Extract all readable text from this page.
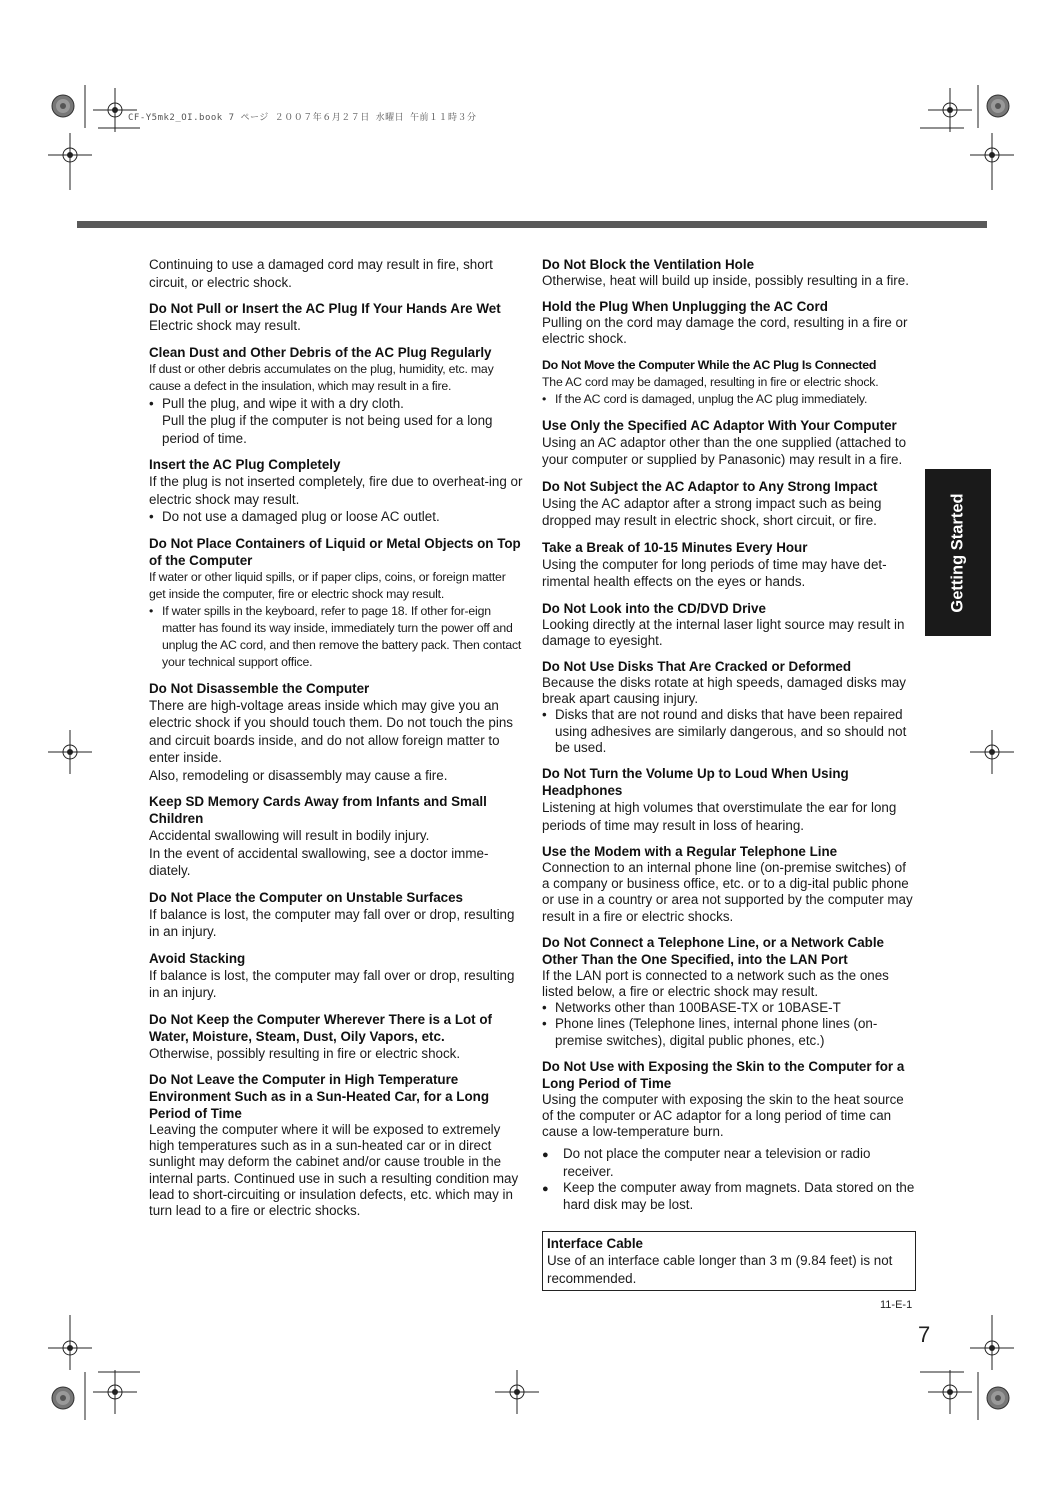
CF-Y5mk2_OI.book 7 ページ ２００７年６月２７日 水曜日 午前１１時３分
Getting Started
Continuing to use a damaged cord may result in fire, short circuit, or electric shock.
Do Not Pull or Insert the AC Plug If Your Hands Are Wet
Electric shock may result.
Clean Dust and Other Debris of the AC Plug Regularly
If dust or other debris accumulates on the plug, humidity, etc. may cause a defect in the insulation, which may result in a fire.
• Pull the plug, and wipe it with a dry cloth.
Pull the plug if the computer is not being used for a long period of time.
Insert the AC Plug Completely
If the plug is not inserted completely, fire due to overheat-ing or electric shock may result.
• Do not use a damaged plug or loose AC outlet.
Do Not Place Containers of Liquid or Metal Objects on Top of the Computer
If water or other liquid spills, or if paper clips, coins, or foreign matter get inside the computer, fire or electric shock may result.
• If water spills in the keyboard, refer to page 18. If other for-eign matter has found its way inside, immediately turn the power off and unplug the AC cord, and then remove the battery pack. Then contact your technical support office.
Do Not Disassemble the Computer
There are high-voltage areas inside which may give you an electric shock if you should touch them. Do not touch the pins and circuit boards inside, and do not allow foreign matter to enter inside.
Also, remodeling or disassembly may cause a fire.
Keep SD Memory Cards Away from Infants and Small Children
Accidental swallowing will result in bodily injury.
In the event of accidental swallowing, see a doctor imme-diately.
Do Not Place the Computer on Unstable Surfaces
If balance is lost, the computer may fall over or drop, resulting in an injury.
Avoid Stacking
If balance is lost, the computer may fall over or drop, resulting in an injury.
Do Not Keep the Computer Wherever There is a Lot of Water, Moisture, Steam, Dust, Oily Vapors, etc.
Otherwise, possibly resulting in fire or electric shock.
Do Not Leave the Computer in High Temperature Environment Such as in a Sun-Heated Car, for a Long Period of Time
Leaving the computer where it will be exposed to extremely high temperatures such as in a sun-heated car or in direct sunlight may deform the cabinet and/or cause trouble in the internal parts. Continued use in such a resulting condition may lead to short-circuiting or insulation defects, etc. which may in turn lead to a fire or electric shocks.
Do Not Block the Ventilation Hole
Otherwise, heat will build up inside, possibly resulting in a fire.
Hold the Plug When Unplugging the AC Cord
Pulling on the cord may damage the cord, resulting in a fire or electric shock.
Do Not Move the Computer While the AC Plug Is Connected
The AC cord may be damaged, resulting in fire or electric shock.
• If the AC cord is damaged, unplug the AC plug immediately.
Use Only the Specified AC Adaptor With Your Computer
Using an AC adaptor other than the one supplied (attached to your computer or supplied by Panasonic) may result in a fire.
Do Not Subject the AC Adaptor to Any Strong Impact
Using the AC adaptor after a strong impact such as being dropped may result in electric shock, short circuit, or fire.
Take a Break of 10-15 Minutes Every Hour
Using the computer for long periods of time may have det-rimental health effects on the eyes or hands.
Do Not Look into the CD/DVD Drive
Looking directly at the internal laser light source may result in damage to eyesight.
Do Not Use Disks That Are Cracked or Deformed
Because the disks rotate at high speeds, damaged disks may break apart causing injury.
• Disks that are not round and disks that have been repaired using adhesives are similarly dangerous, and so should not be used.
Do Not Turn the Volume Up to Loud When Using Headphones
Listening at high volumes that overstimulate the ear for long periods of time may result in loss of hearing.
Use the Modem with a Regular Telephone Line
Connection to an internal phone line (on-premise switches) of a company or business office, etc. or to a dig-ital public phone or use in a country or area not supported by the computer may result in a fire or electric shocks.
Do Not Connect a Telephone Line, or a Network Cable Other Than the One Specified, into the LAN Port
If the LAN port is connected to a network such as the ones listed below, a fire or electric shock may result.
• Networks other than 100BASE-TX or 10BASE-T
• Phone lines (Telephone lines, internal phone lines (on-premise switches), digital public phones, etc.)
Do Not Use with Exposing the Skin to the Computer for a Long Period of Time
Using the computer with exposing the skin to the heat source of the computer or AC adaptor for a long period of time can cause a low-temperature burn.
● Do not place the computer near a television or radio receiver.
● Keep the computer away from magnets. Data stored on the hard disk may be lost.
Interface Cable
Use of an interface cable longer than 3 m (9.84 feet) is not recommended.
11-E-1
7
